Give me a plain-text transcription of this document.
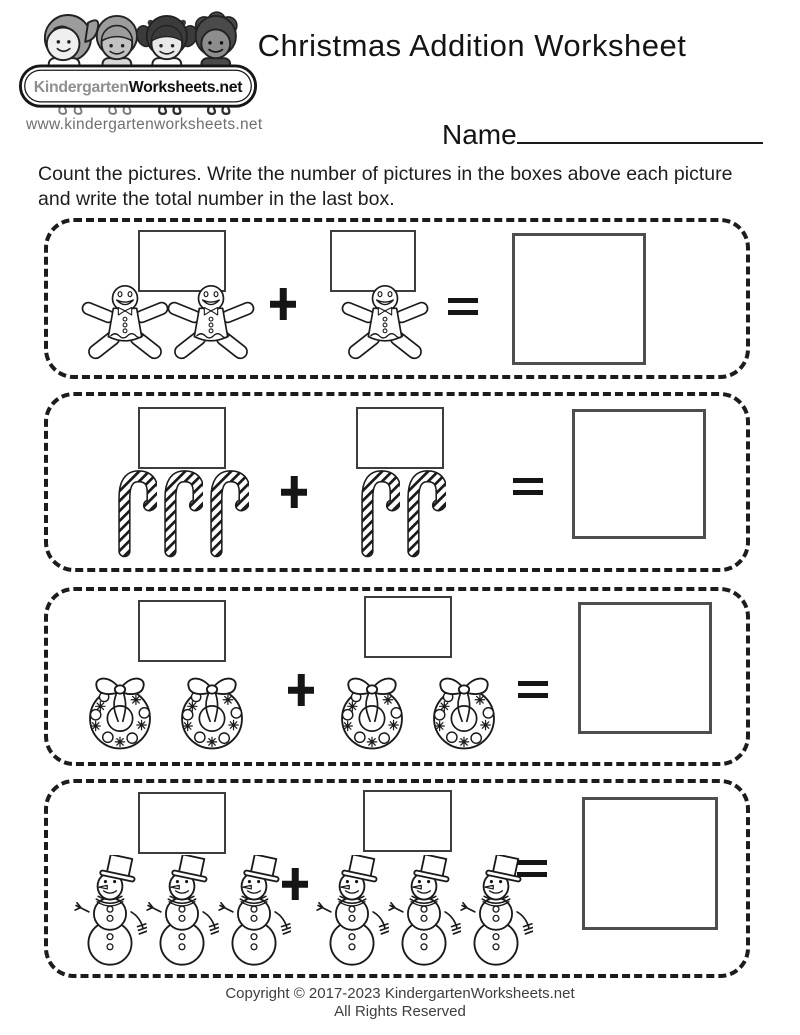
KindergartenWorksheets.net
www.kindergartenworksheets.net
Christmas Addition Worksheet
Name

Count the pictures. Write the number of pictures in the boxes above each picture and write the total number in the last box.

Copyright © 2017-2023 KindergartenWorksheets.net
All Rights Reserved
